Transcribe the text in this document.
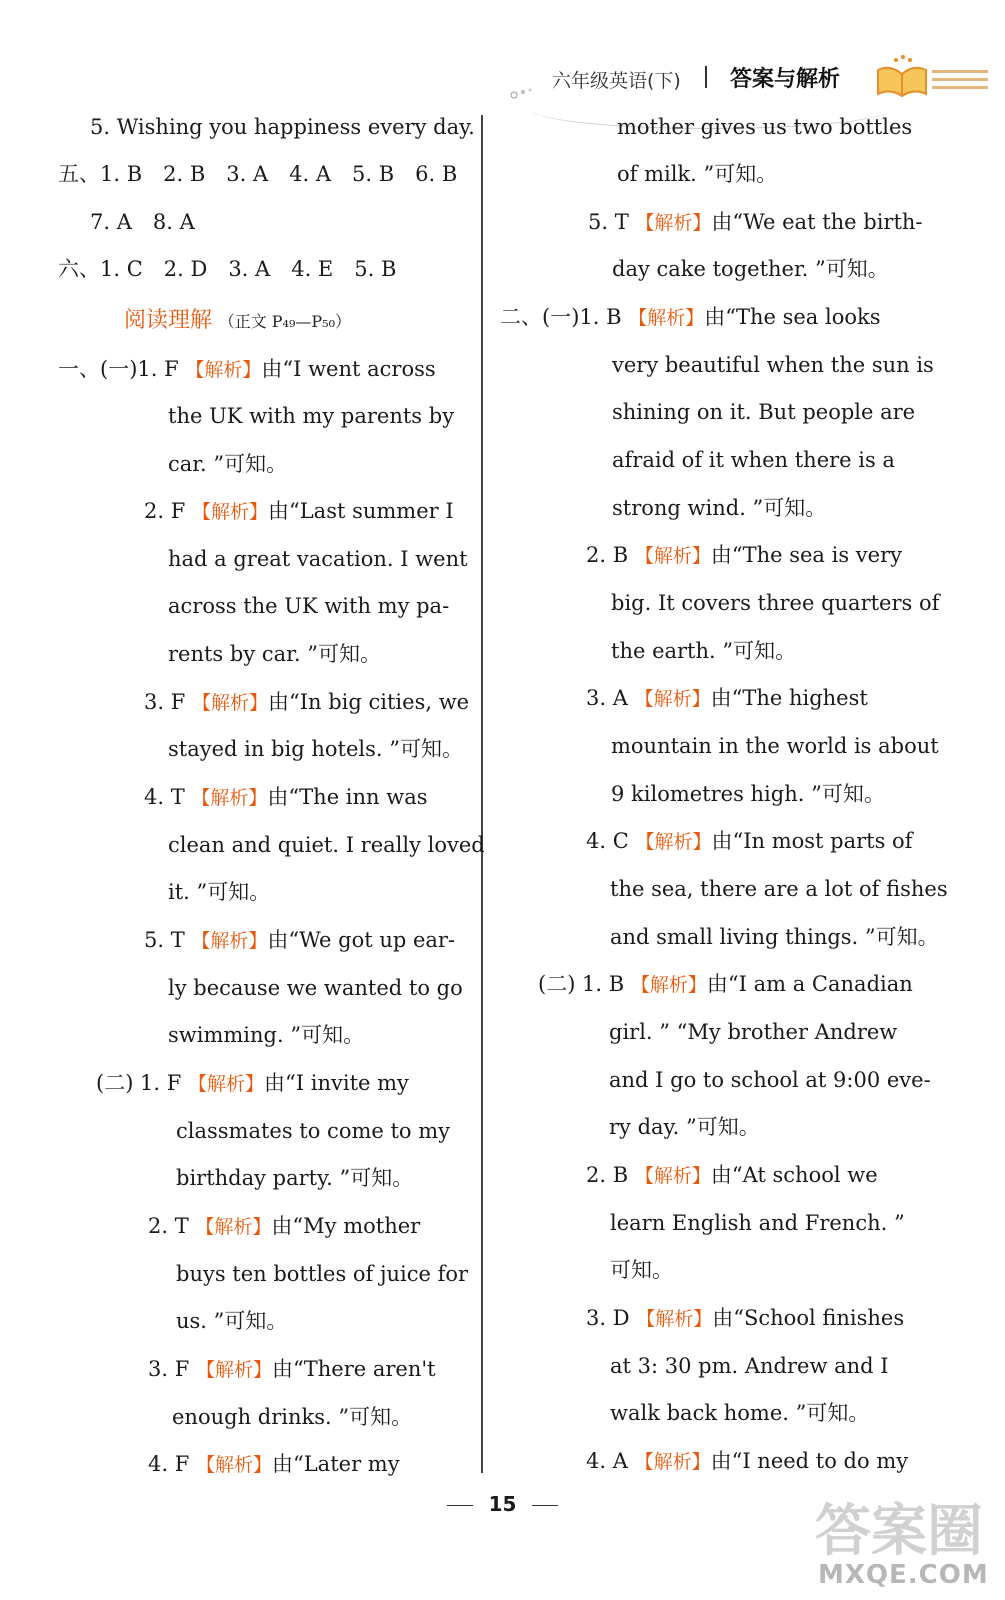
六年级英语(下) 答案与解析
5. Wishing you happiness every day.
五、1. B　2. B　3. A　4. A　5. B　6. B
7. A　8. A
六、1. C　2. D　3. A　4. E　5. B
阅读理解 （正文 P₄₉—P₅₀）
一、(一)1. F 【解析】由“I went across
the UK with my parents by
car. ”可知。
2. F 【解析】由“Last summer I
had a great vacation. I went
across the UK with my pa-
rents by car. ”可知。
3. F 【解析】由“In big cities, we
stayed in big hotels. ”可知。
4. T 【解析】由“The inn was
clean and quiet. I really loved
it. ”可知。
5. T 【解析】由“We got up ear-
ly because we wanted to go
swimming. ”可知。
(二) 1. F 【解析】由“I invite my
classmates to come to my
birthday party. ”可知。
2. T 【解析】由“My mother
buys ten bottles of juice for
us. ”可知。
3. F 【解析】由“There aren't
enough drinks. ”可知。
4. F 【解析】由“Later my
mother gives us two bottles
of milk. ”可知。
5. T 【解析】由“We eat the birth-
day cake together. ”可知。
二、(一)1. B 【解析】由“The sea looks
very beautiful when the sun is
shining on it. But people are
afraid of it when there is a
strong wind. ”可知。
2. B 【解析】由“The sea is very
big. It covers three quarters of
the earth. ”可知。
3. A 【解析】由“The highest
mountain in the world is about
9 kilometres high. ”可知。
4. C 【解析】由“In most parts of
the sea, there are a lot of fishes
and small living things. ”可知。
(二) 1. B 【解析】由“I am a Canadian
girl. ” “My brother Andrew
and I go to school at 9:00 eve-
ry day. ”可知。
2. B 【解析】由“At school we
learn English and French. ”
可知。
3. D 【解析】由“School finishes
at 3: 30 pm. Andrew and I
walk back home. ”可知。
4. A 【解析】由“I need to do my
15	答案圈
MXQE.COM
